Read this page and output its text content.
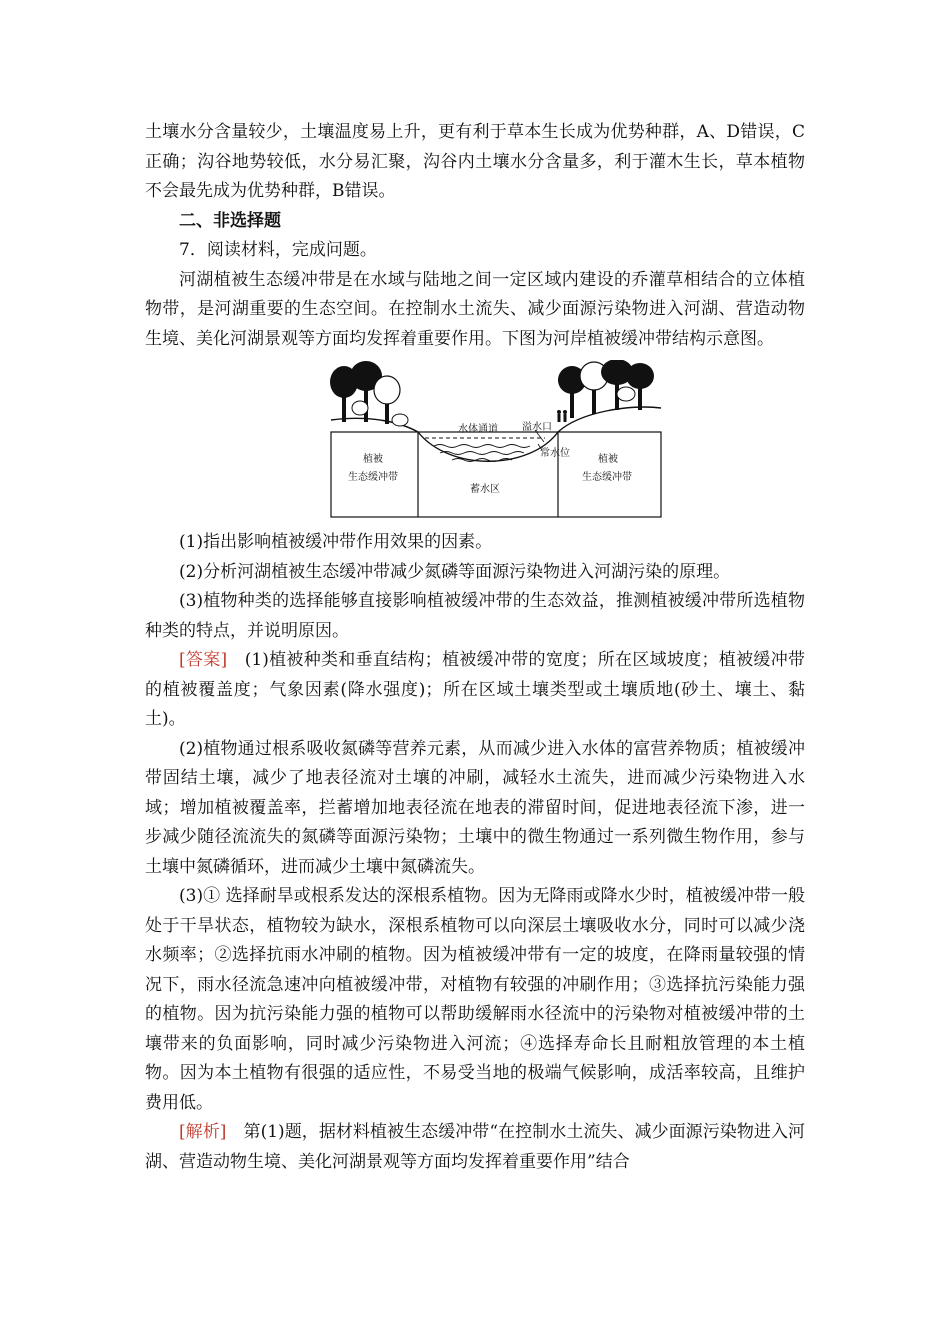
土壤水分含量较少，土壤温度易上升，更有利于草本生长成为优势种群，A、D错误，C正确；沟谷地势较低，水分易汇聚，沟谷内土壤水分含量多，利于灌木生长，草本植物不会最先成为优势种群，B错误。

二、非选择题

7．阅读材料，完成问题。

河湖植被生态缓冲带是在水域与陆地之间一定区域内建设的乔灌草相结合的立体植物带，是河湖重要的生态空间。在控制水土流失、减少面源污染物进入河湖、营造动物生境、美化河湖景观等方面均发挥着重要作用。下图为河岸植被缓冲带结构示意图。

水体通道 溢水口
常水位
植被
生态缓冲带
蓄水区
植被
生态缓冲带

(1)指出影响植被缓冲带作用效果的因素。

(2)分析河湖植被生态缓冲带减少氮磷等面源污染物进入河湖污染的原理。

(3)植物种类的选择能够直接影响植被缓冲带的生态效益，推测植被缓冲带所选植物种类的特点，并说明原因。

[答案]　(1)植被种类和垂直结构；植被缓冲带的宽度；所在区域坡度；植被缓冲带的植被覆盖度；气象因素(降水强度)；所在区域土壤类型或土壤质地(砂土、壤土、黏土)。

(2)植物通过根系吸收氮磷等营养元素，从而减少进入水体的富营养物质；植被缓冲带固结土壤，减少了地表径流对土壤的冲刷，减轻水土流失，进而减少污染物进入水域；增加植被覆盖率，拦蓄增加地表径流在地表的滞留时间，促进地表径流下渗，进一步减少随径流流失的氮磷等面源污染物；土壤中的微生物通过一系列微生物作用，参与土壤中氮磷循环，进而减少土壤中氮磷流失。

(3)① 选择耐旱或根系发达的深根系植物。因为无降雨或降水少时，植被缓冲带一般处于干旱状态，植物较为缺水，深根系植物可以向深层土壤吸收水分，同时可以减少浇水频率；②选择抗雨水冲刷的植物。因为植被缓冲带有一定的坡度，在降雨量较强的情况下，雨水径流急速冲向植被缓冲带，对植物有较强的冲刷作用；③选择抗污染能力强的植物。因为抗污染能力强的植物可以帮助缓解雨水径流中的污染物对植被缓冲带的土壤带来的负面影响，同时减少污染物进入河流；④选择寿命长且耐粗放管理的本土植物。因为本土植物有很强的适应性，不易受当地的极端气候影响，成活率较高，且维护费用低。

[解析]　第(1)题，据材料植被生态缓冲带“在控制水土流失、减少面源污染物进入河湖、营造动物生境、美化河湖景观等方面均发挥着重要作用”结合
